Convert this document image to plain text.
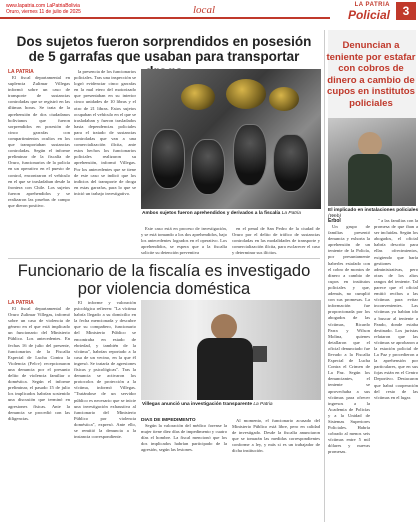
www.lapatria.com LaPatriaBolivia
Oruro, viernes 11 de julio de 2025	local	LA PATRIA
Policial	3
Dos sujetos fueron sorprendidos en posesión de 5 garrafas que usaban para transportar
LA PATRIA

El fiscal departamental en suplencia Zulimar Villegas informó sobre un caso de transporte de sustancias controladas que se registró en las últimas horas. Se trata de la aprehensión de dos ciudadanos bolivianos que fueron sorprendidos en posesión de cinco garrafas con compartimientos ocultos en los que transportaban sustancias controladas. Según el informe preliminar de la fiscalía de Oruro, funcionarios de la policía en un operativo en el puesto de control, encontraron el vehículo en el que se trasladaban desde la frontera con Chile. Los sujetos fueron aprehendidos y se realizaron las pruebas de campo que dieron positivo.

la presencia de los funcionarios policiales. Tras una inspección se logró evidenciar cinco garrafas en la mal etero del motorizado que presentaban en su interior cinco unidades de 10 libras y el otro de 21 libras. Estos sujetos ocupaban el vehículo en el que se trasladaban y fueron trasladados hasta dependencias policiales para el tratado de sustancias controladas que van a una comercialización ilícita, ante estos hechos los funcionarios policiales realizaron su aprehensión, informó Villegas. Por los antecedentes que se tiene de este caso se indicó que los indicios del transporte de droga en estas garrafas, para lo que se inició un trabajo investigativo.

Ambos sujetos fueron aprehendidos y derivados a la fiscalía La Patria

Este caso está en proceso de investigación, y se está tomando a los dos aprehendidos, bajo los antecedentes logrados en el operativo. Los aprehendidos, se espera que a la fiscalía solicite su detención preventiva

en el penal de San Pedro de la ciudad de Oruro por el delito de tráfico de sustancias controladas en las modalidades de transporte y comercialización ilícita, para esclarecer el caso y determinar sus ilícitos.

Denuncian a teniente por estafar con cobros de dinero a cambio de cupos en institutos policiales
El implicado en instalaciones policiales (Web)
Erbol

Un grupo de familias presentó denuncia y exhorta la aprehensión de un teniente de la Policía, por presuntamente haberles estafado con el cobro de montos de dinero a cambio de cupos en institutos policiales y que, además, no cumplió con sus promesas. La información fue proporcionada por los abogados de las víctimas, Ricardo Parra y Wilson Molina, quienes detallaron que el oficial denunciado fue llevado a la Fiscalía Especial de Lucha Contra el Crimen de La Paz. Según los denunciantes, el teniente se aprovechaba a sus víctimas para ofrecer ingresos a la Academia de Policías y a la Unidad de Sistemas Superiores Policiales. Habría cobrado al menos seis víctimas entre 5 mil dólares y nuevas promesas.

" a las familias con la promesa de que iban a ser incluidas. Según los abogados, el oficial habría descrito para ellas ofrecimientos, exigiendo que haría gestiones administrativas, pero otras de los altos rangos del teniente. Tal parece que el oficial emitió recibos a las víctimas para evitar inconvenientes. Las víctimas ya habían ido a buscar al teniente a Pando, donde estaba destinado. Los juristas relataron que las víctimas se aprobaron a la estación policial de La Paz y procedieron a la aprehensión por particulares, que en sus fojas están en el Centro Deportivo. Destacaron que habrá cooperación del resto de las víctimas en el lugar.

Funcionario de la fiscalía es investigado por violencia doméstica
LA PATRIA

El fiscal departamental de Oruro Zulimar Villegas, informó sobre un caso de violencia de género en el que está implicado un funcionario del Ministerio Público. Los antecedentes. En fechas 16 de julio del presente, funcionarios de la Fiscalía Especial de Lucha Contra la Violencia (Felcv) recepcionaron una denuncia por el presunto delito de violencia familiar o doméstica. Según el informe preliminar, el pasado 15 de julio los implicados habrían sostenido una discusión que terminó en agresiones físicas. Ante la denuncia se procedió con las diligencias.

El informe y valoración psicológica refieren: "La víctima habría llegado a su domicilio en la fecha mencionada y descubre que su compañero, funcionario del Ministerio Público se encontraba en estado de ebriedad, y también de la víctima", habrían reportado a la casa de un vecino, en la que él ingresó. Se trataría de agresiones físicas y psicológicas". Tras la denuncia se activaron los protocolos de protección a la víctima, informó Villegas. "Tratándose de un servidor público es necesario que se inicie una investigación exhaustiva al funcionario del Ministerio Público por violencia doméstica", expresó. Ante ello, se remitió la denuncia a la instancia correspondiente.

Villegas anunció una investigación transparente La Patria

DÍAS DE IMPEDIMENTO

Según la valoración del médico forense la mujer tiene diez días de impedimento y cuatro días el hombre. La fiscal mencionó que los dos implicados habrían participado de la agresión, según las lesiones.

Al momento, el funcionario acusado del Ministerio Público está libre, pero en calidad de investigado. Desde la fiscalía anunciaron que se tomarán las medidas correspondientes conforme a ley, y más si es un trabajador de dicha institución.
